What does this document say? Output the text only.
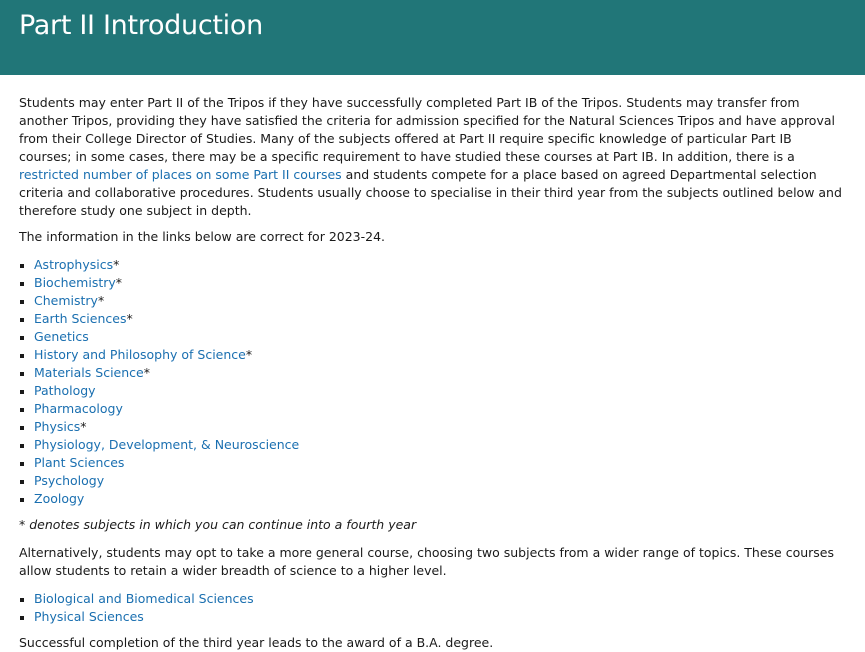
Part II Introduction

Students may enter Part II of the Tripos if they have successfully completed Part IB of the Tripos. Students may transfer from another Tripos, providing they have satisfied the criteria for admission specified for the Natural Sciences Tripos and have approval from their College Director of Studies. Many of the subjects offered at Part II require specific knowledge of particular Part IB courses; in some cases, there may be a specific requirement to have studied these courses at Part IB. In addition, there is a restricted number of places on some Part II courses and students compete for a place based on agreed Departmental selection criteria and collaborative procedures. Students usually choose to specialise in their third year from the subjects outlined below and therefore study one subject in depth.

The information in the links below are correct for 2023-24.

Astrophysics*
Biochemistry*
Chemistry*
Earth Sciences*
Genetics
History and Philosophy of Science*
Materials Science*
Pathology
Pharmacology
Physics*
Physiology, Development, & Neuroscience
Plant Sciences
Psychology
Zoology

* denotes subjects in which you can continue into a fourth year

Alternatively, students may opt to take a more general course, choosing two subjects from a wider range of topics. These courses allow students to retain a wider breadth of science to a higher level.

Biological and Biomedical Sciences
Physical Sciences

Successful completion of the third year leads to the award of a B.A. degree.
